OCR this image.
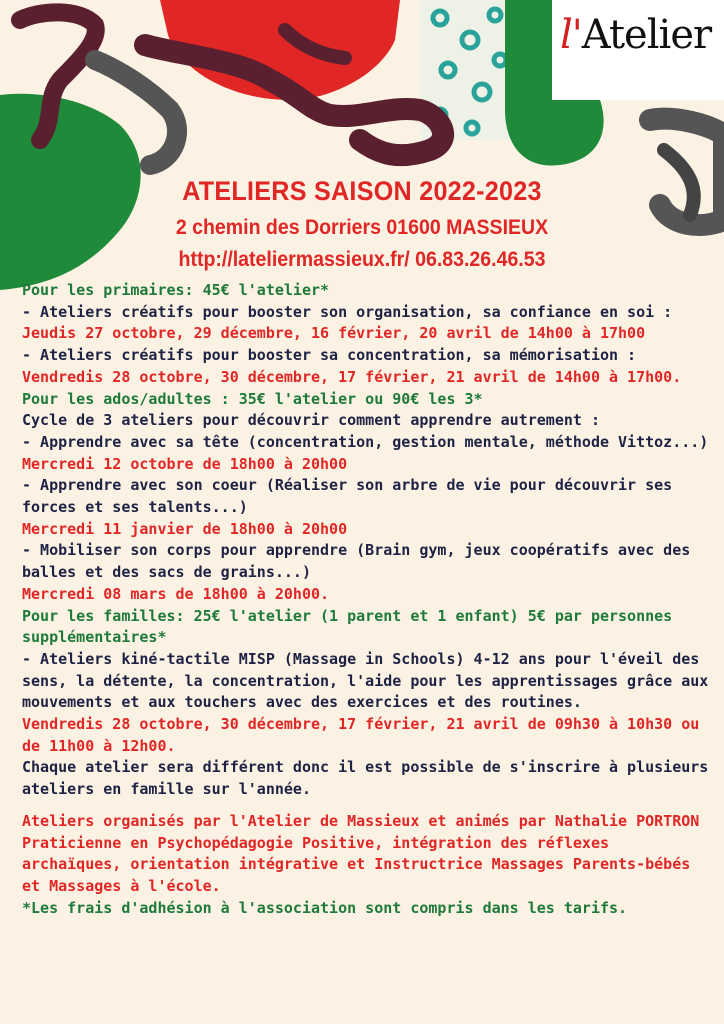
l'Atelier
ATELIERS SAISON 2022-2023
2 chemin des Dorriers 01600 MASSIEUX
http://lateliermassieux.fr/ 06.83.26.46.53

Pour les primaires: 45€ l'atelier*

- Ateliers créatifs pour booster son organisation, sa confiance en soi :

Jeudis 27 octobre, 29 décembre, 16 février, 20 avril de 14h00 à 17h00

- Ateliers créatifs pour booster sa concentration, sa mémorisation :

Vendredis 28 octobre, 30 décembre, 17 février, 21 avril de 14h00 à 17h00.

Pour les ados/adultes : 35€ l'atelier ou 90€ les 3*

Cycle de 3 ateliers pour découvrir comment apprendre autrement :

- Apprendre avec sa tête (concentration, gestion mentale, méthode Vittoz...)

Mercredi 12 octobre de 18h00 à 20h00

- Apprendre avec son coeur (Réaliser son arbre de vie pour découvrir ses forces et ses talents...)

Mercredi 11 janvier de 18h00 à 20h00

- Mobiliser son corps pour apprendre (Brain gym, jeux coopératifs avec des balles et des sacs de grains...)

Mercredi 08 mars de 18h00 à 20h00.

Pour les familles: 25€ l'atelier (1 parent et 1 enfant) 5€ par personnes supplémentaires*

- Ateliers kiné-tactile MISP (Massage in Schools) 4-12 ans pour l'éveil des sens, la détente, la concentration, l'aide pour les apprentissages grâce aux mouvements et aux touchers avec des exercices et des routines.

Vendredis 28 octobre, 30 décembre, 17 février, 21 avril de 09h30 à 10h30 ou de 11h00 à 12h00.

Chaque atelier sera différent donc il est possible de s'inscrire à plusieurs ateliers en famille sur l'année.

Ateliers organisés par l'Atelier de Massieux et animés par Nathalie PORTRON Praticienne en Psychopédagogie Positive, intégration des réflexes archaïques, orientation intégrative et Instructrice Massages Parents-bébés et Massages à l'école.

*Les frais d'adhésion à l'association sont compris dans les tarifs.
